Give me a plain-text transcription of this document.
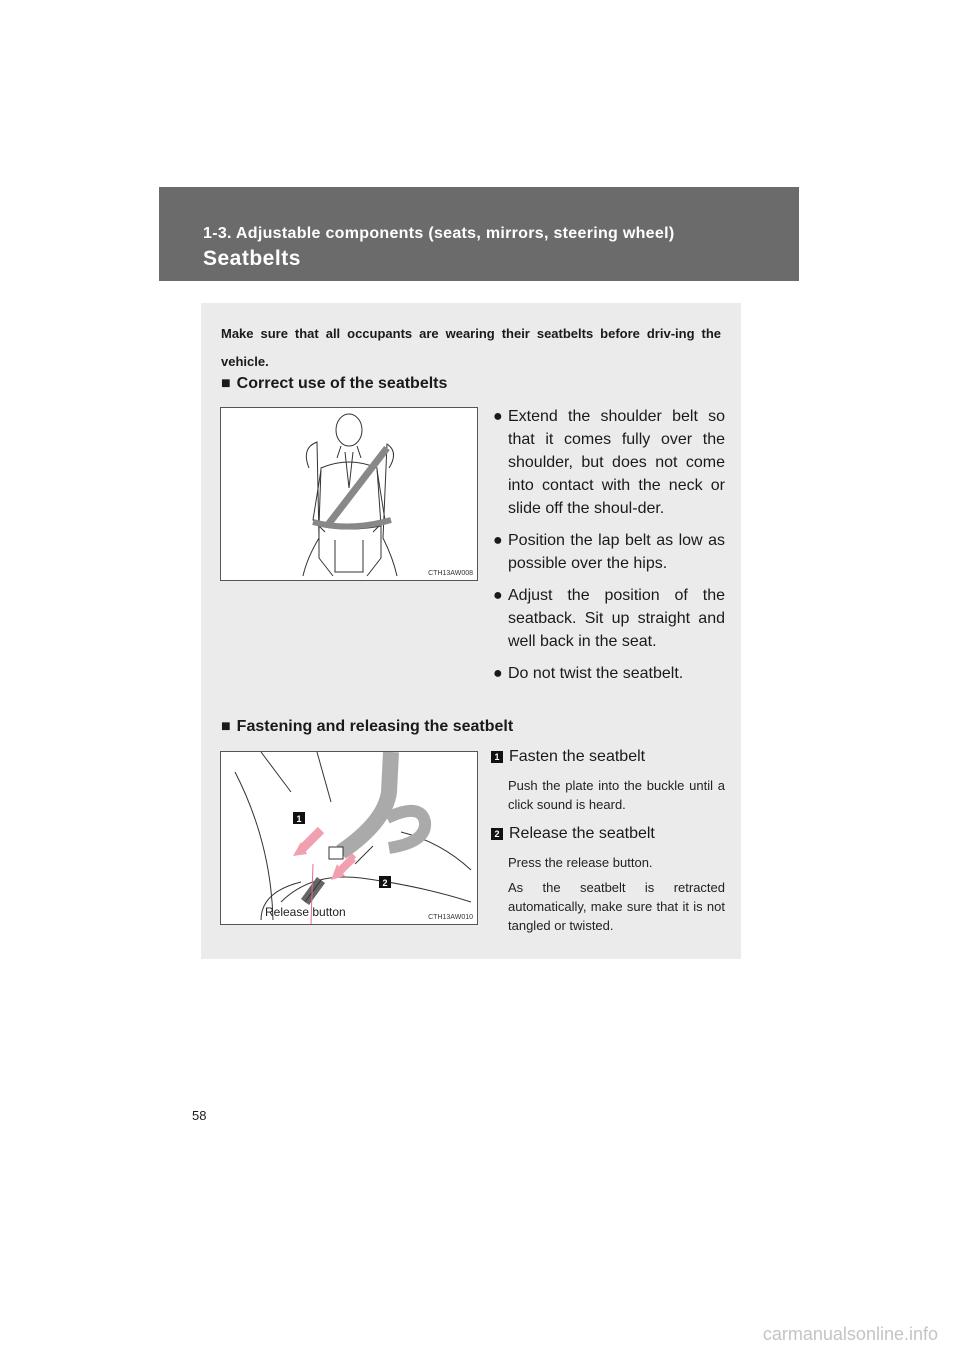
1-3. Adjustable components (seats, mirrors, steering wheel)
Seatbelts
Make sure that all occupants are wearing their seatbelts before driv-ing the vehicle.
■ Correct use of the seatbelts
CTH13AW008
● Extend the shoulder belt so that it comes fully over the shoulder, but does not come into contact with the neck or slide off the shoul-der.
● Position the lap belt as low as possible over the hips.
● Adjust the position of the seatback. Sit up straight and well back in the seat.
● Do not twist the seatbelt.
■ Fastening and releasing the seatbelt
1
2
Release button	CTH13AW010
1 Fasten the seatbelt
Push the plate into the buckle until a click sound is heard.
2 Release the seatbelt
Press the release button.
As the seatbelt is retracted automatically, make sure that it is not tangled or twisted.
58
carmanualsonline.info
